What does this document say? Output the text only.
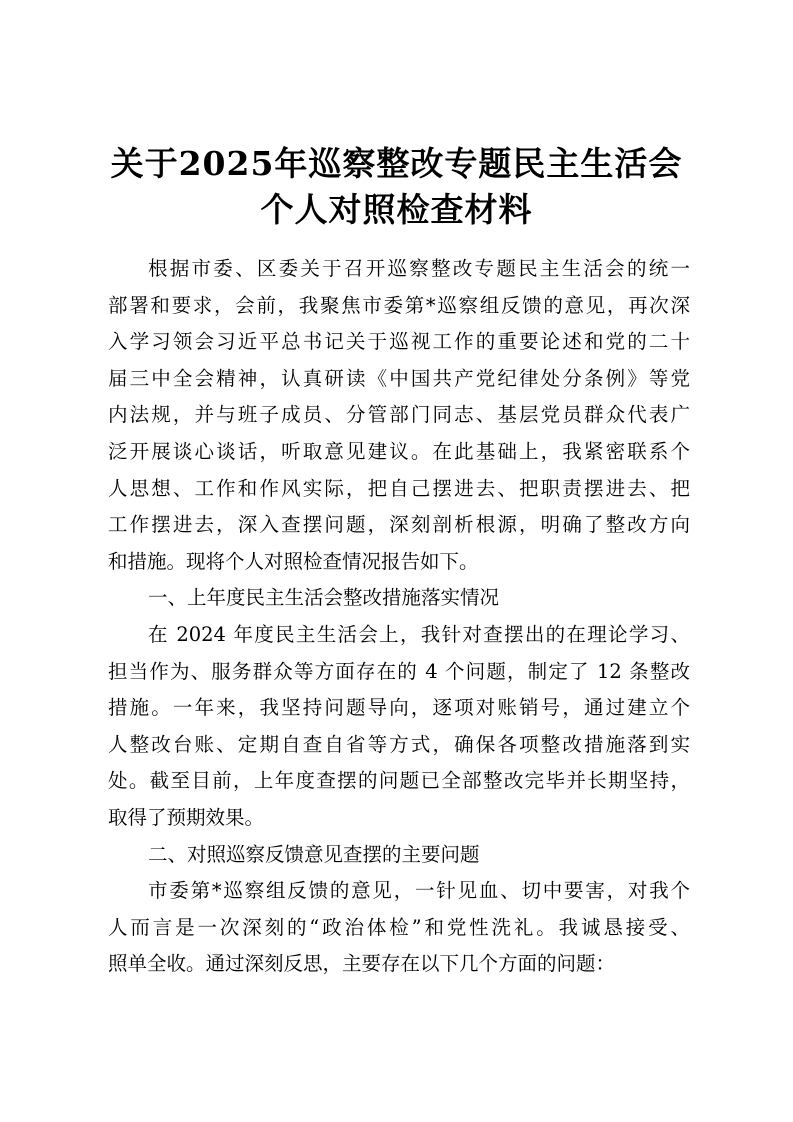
关于2025年巡察整改专题民主生活会
个人对照检查材料
根据市委、区委关于召开巡察整改专题民主生活会的统一
部署和要求，会前，我聚焦市委第*巡察组反馈的意见，再次深
入学习领会习近平总书记关于巡视工作的重要论述和党的二十
届三中全会精神，认真研读《中国共产党纪律处分条例》等党
内法规，并与班子成员、分管部门同志、基层党员群众代表广
泛开展谈心谈话，听取意见建议。在此基础上，我紧密联系个
人思想、工作和作风实际，把自己摆进去、把职责摆进去、把
工作摆进去，深入查摆问题，深刻剖析根源，明确了整改方向
和措施。现将个人对照检查情况报告如下。
一、上年度民主生活会整改措施落实情况
在 2024 年度民主生活会上，我针对查摆出的在理论学习、
担当作为、服务群众等方面存在的 4 个问题，制定了 12 条整改
措施。一年来，我坚持问题导向，逐项对账销号，通过建立个
人整改台账、定期自查自省等方式，确保各项整改措施落到实
处。截至目前，上年度查摆的问题已全部整改完毕并长期坚持，
取得了预期效果。
二、对照巡察反馈意见查摆的主要问题
市委第*巡察组反馈的意见，一针见血、切中要害，对我个
人而言是一次深刻的“政治体检”和党性洗礼。我诚恳接受、
照单全收。通过深刻反思，主要存在以下几个方面的问题：
